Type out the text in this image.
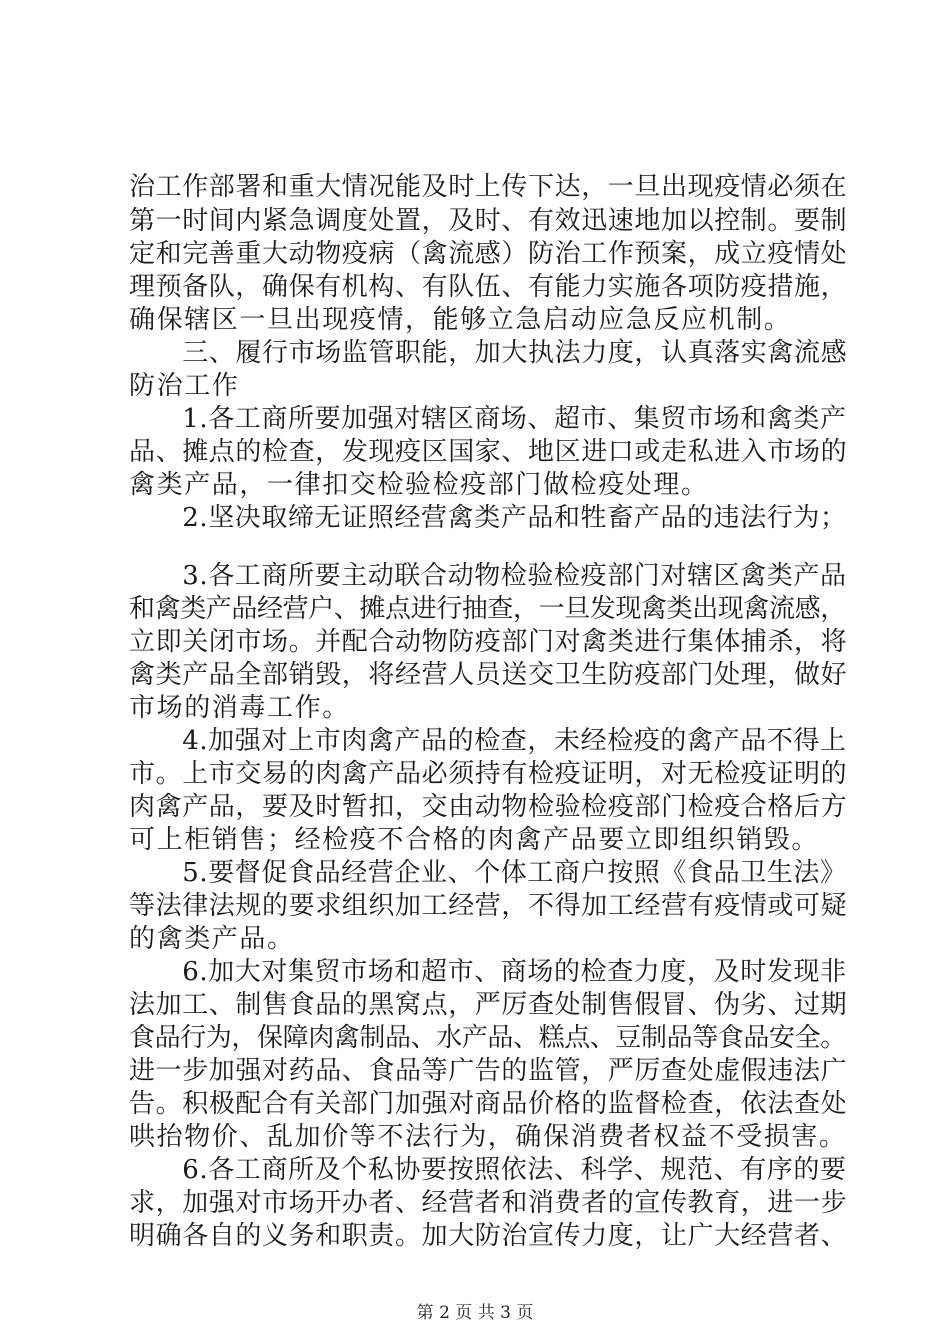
治工作部署和重大情况能及时上传下达，一旦出现疫情必须在
第一时间内紧急调度处置，及时、有效迅速地加以控制。要制
定和完善重大动物疫病（禽流感）防治工作预案，成立疫情处
理预备队，确保有机构、有队伍、有能力实施各项防疫措施，
确保辖区一旦出现疫情，能够立急启动应急反应机制。
　　三、履行市场监管职能，加大执法力度，认真落实禽流感
防治工作
　　1.各工商所要加强对辖区商场、超市、集贸市场和禽类产
品、摊点的检查，发现疫区国家、地区进口或走私进入市场的
禽类产品，一律扣交检验检疫部门做检疫处理。
　　2.坚决取缔无证照经营禽类产品和牲畜产品的违法行为；
　　3.各工商所要主动联合动物检验检疫部门对辖区禽类产品
和禽类产品经营户、摊点进行抽查，一旦发现禽类出现禽流感，
立即关闭市场。并配合动物防疫部门对禽类进行集体捕杀，将
禽类产品全部销毁，将经营人员送交卫生防疫部门处理，做好
市场的消毒工作。
　　4.加强对上市肉禽产品的检查，未经检疫的禽产品不得上
市。上市交易的肉禽产品必须持有检疫证明，对无检疫证明的
肉禽产品，要及时暂扣，交由动物检验检疫部门检疫合格后方
可上柜销售；经检疫不合格的肉禽产品要立即组织销毁。
　　5.要督促食品经营企业、个体工商户按照《食品卫生法》
等法律法规的要求组织加工经营，不得加工经营有疫情或可疑
的禽类产品。
　　6.加大对集贸市场和超市、商场的检查力度，及时发现非
法加工、制售食品的黑窝点，严厉查处制售假冒、伪劣、过期
食品行为，保障肉禽制品、水产品、糕点、豆制品等食品安全。
进一步加强对药品、食品等广告的监管，严厉查处虚假违法广
告。积极配合有关部门加强对商品价格的监督检查，依法查处
哄抬物价、乱加价等不法行为，确保消费者权益不受损害。
　　6.各工商所及个私协要按照依法、科学、规范、有序的要
求，加强对市场开办者、经营者和消费者的宣传教育，进一步
明确各自的义务和职责。加大防治宣传力度，让广大经营者、
第 2 页 共 3 页
